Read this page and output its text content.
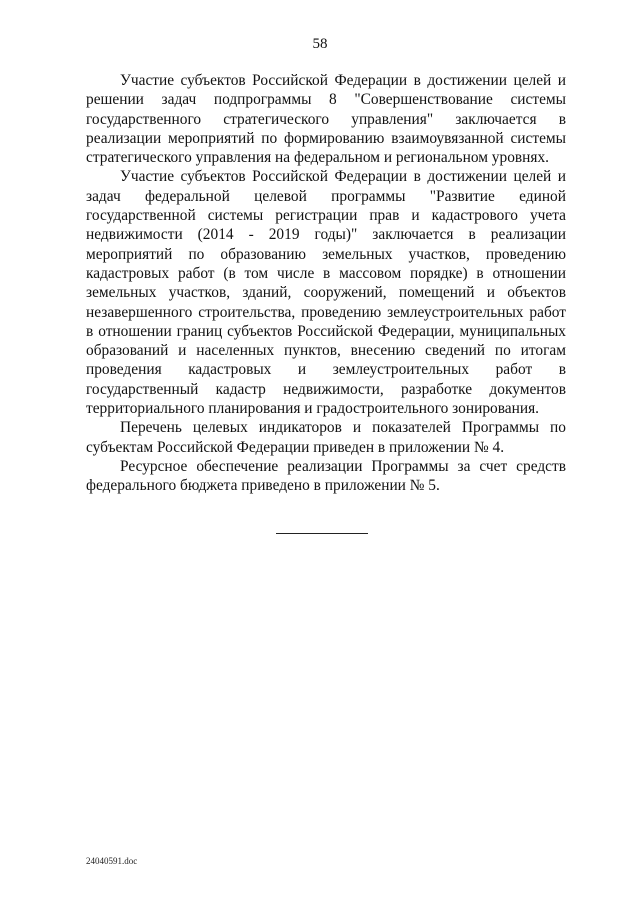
58

Участие субъектов Российской Федерации в достижении целей и решении задач подпрограммы 8 "Совершенствование системы государственного стратегического управления" заключается в реализации мероприятий по формированию взаимоувязанной системы стратегического управления на федеральном и региональном уровнях.

Участие субъектов Российской Федерации в достижении целей и задач федеральной целевой программы "Развитие единой государственной системы регистрации прав и кадастрового учета недвижимости (2014 - 2019 годы)" заключается в реализации мероприятий по образованию земельных участков, проведению кадастровых работ (в том числе в массовом порядке) в отношении земельных участков, зданий, сооружений, помещений и объектов незавершенного строительства, проведению землеустроительных работ в отношении границ субъектов Российской Федерации, муниципальных образований и населенных пунктов, внесению сведений по итогам проведения кадастровых и землеустроительных работ в государственный кадастр недвижимости, разработке документов территориального планирования и градостроительного зонирования.

Перечень целевых индикаторов и показателей Программы по субъектам Российской Федерации приведен в приложении № 4.

Ресурсное обеспечение реализации Программы за счет средств федерального бюджета приведено в приложении № 5.

24040591.doc
